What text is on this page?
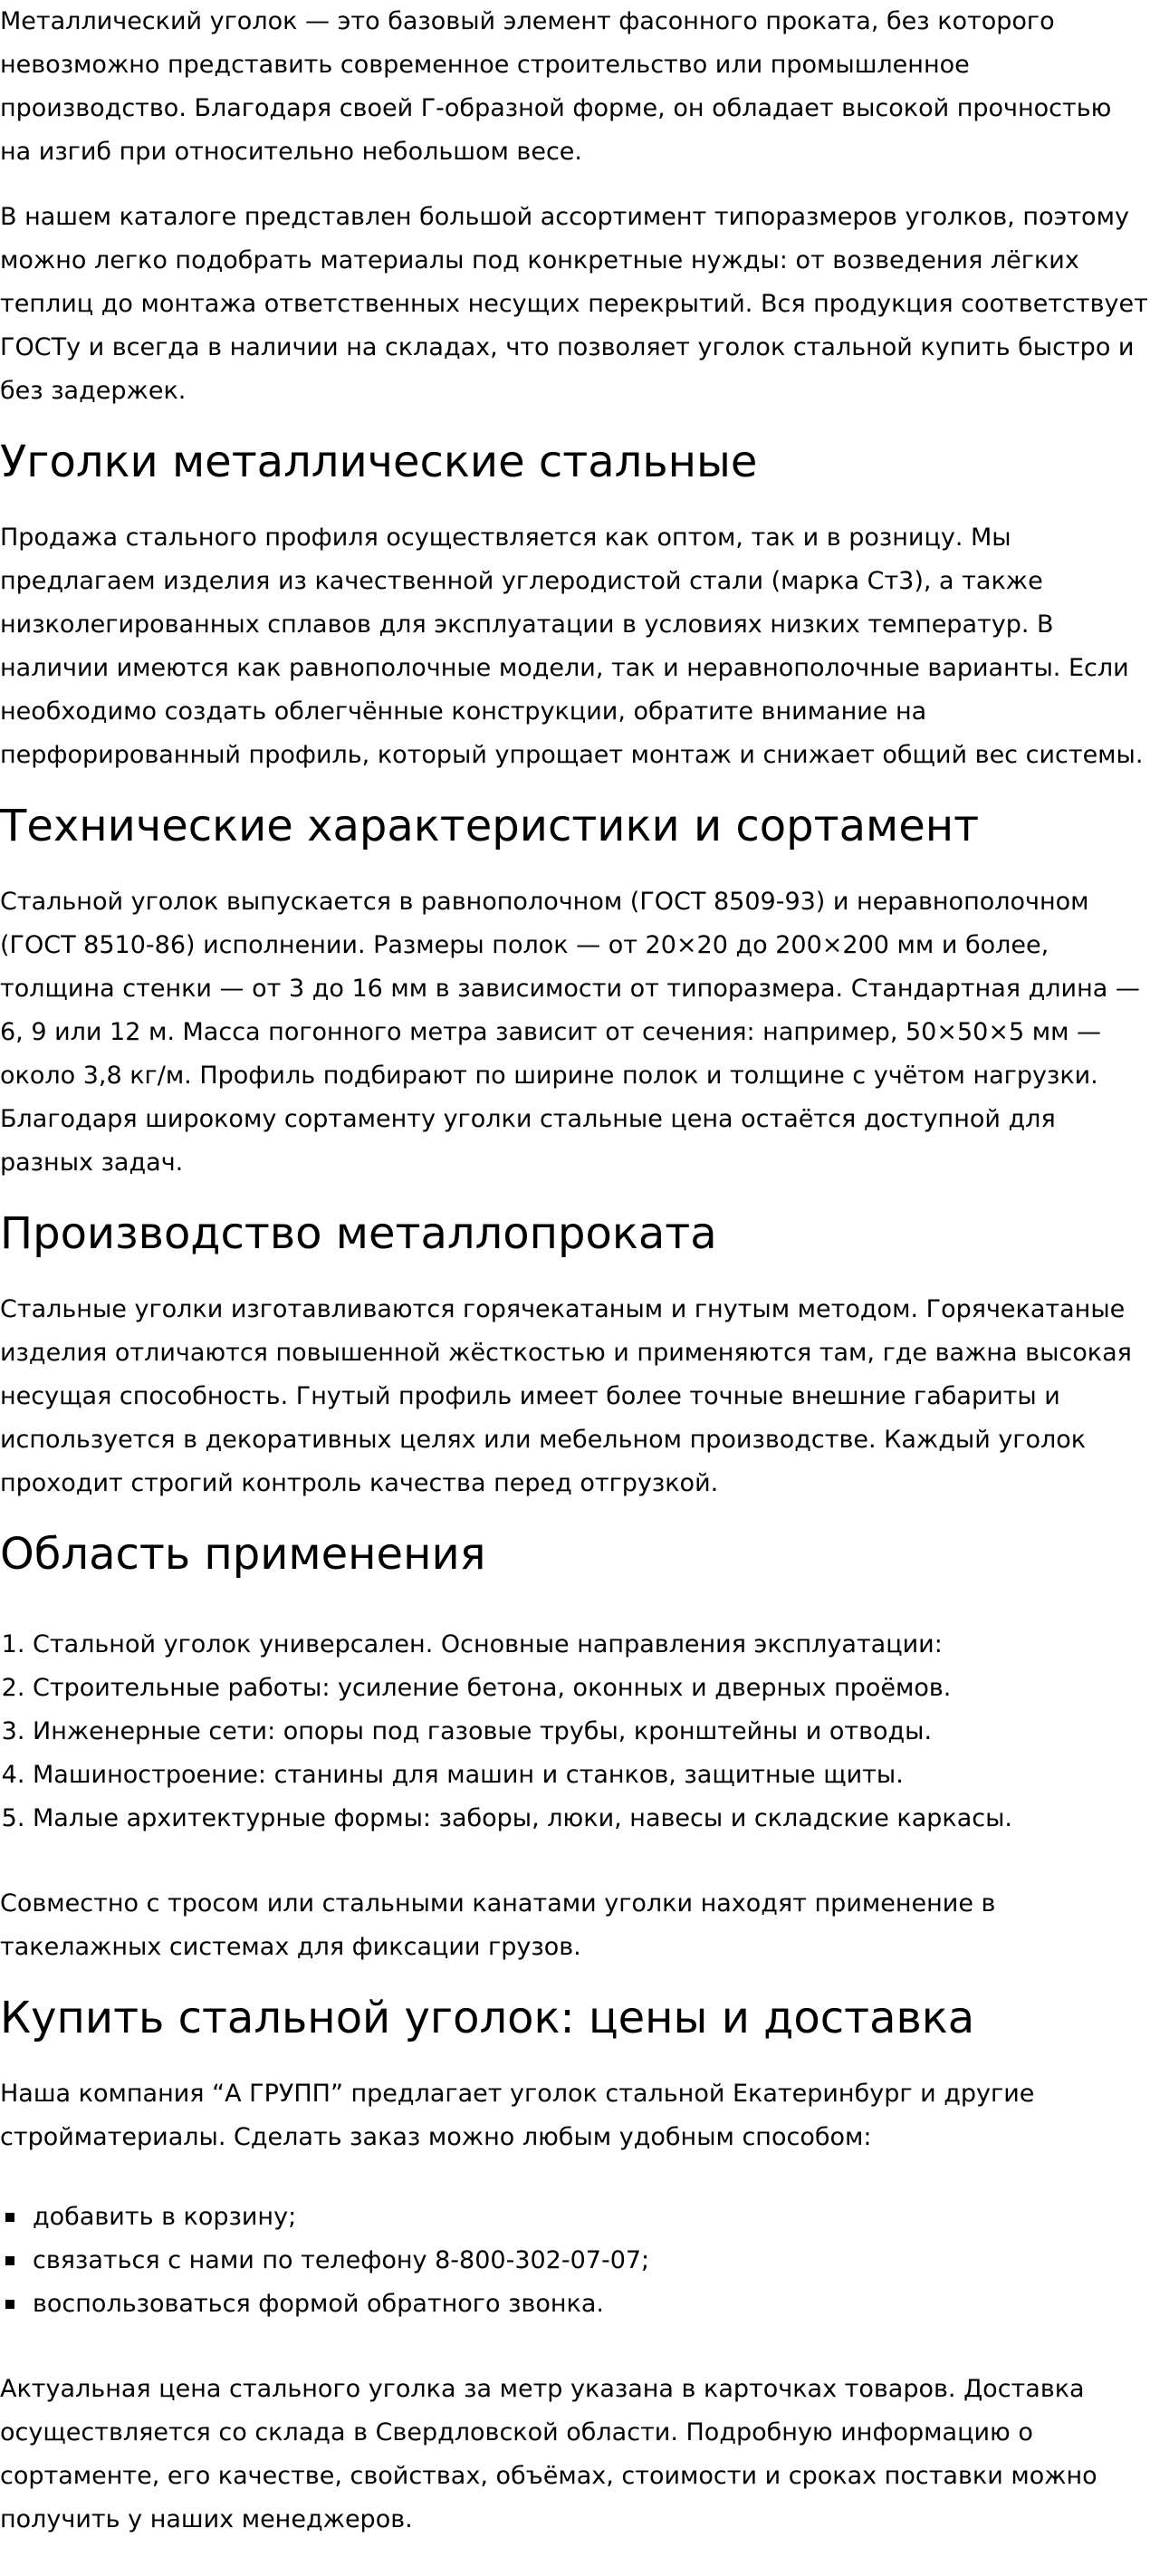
Металлический уголок — это базовый элемент фасонного проката, без которого невозможно представить современное строительство или промышленное производство. Благодаря своей Г-образной форме, он обладает высокой прочностью на изгиб при относительно небольшом весе.

В нашем каталоге представлен большой ассортимент типоразмеров уголков, поэтому можно легко подобрать материалы под конкретные нужды: от возведения лёгких теплиц до монтажа ответственных несущих перекрытий. Вся продукция соответствует ГОСТу и всегда в наличии на складах, что позволяет уголок стальной купить быстро и без задержек.

Уголки металлические стальные

Продажа стального профиля осуществляется как оптом, так и в розницу. Мы предлагаем изделия из качественной углеродистой стали (марка Ст3), а также низколегированных сплавов для эксплуатации в условиях низких температур. В наличии имеются как равнополочные модели, так и неравнополочные варианты. Если необходимо создать облегчённые конструкции, обратите внимание на перфорированный профиль, который упрощает монтаж и снижает общий вес системы.

Технические характеристики и сортамент

Стальной уголок выпускается в равнополочном (ГОСТ 8509-93) и неравнополочном (ГОСТ 8510-86) исполнении. Размеры полок — от 20×20 до 200×200 мм и более, толщина стенки — от 3 до 16 мм в зависимости от типоразмера. Стандартная длина — 6, 9 или 12 м. Масса погонного метра зависит от сечения: например, 50×50×5 мм — около 3,8 кг/м. Профиль подбирают по ширине полок и толщине с учётом нагрузки. Благодаря широкому сортаменту уголки стальные цена остаётся доступной для разных задач.

Производство металлопроката

Стальные уголки изготавливаются горячекатаным и гнутым методом. Горячекатаные изделия отличаются повышенной жёсткостью и применяются там, где важна высокая несущая способность. Гнутый профиль имеет более точные внешние габариты и используется в декоративных целях или мебельном производстве. Каждый уголок проходит строгий контроль качества перед отгрузкой.

Область применения
1. Стальной уголок универсален. Основные направления эксплуатации:
2. Строительные работы: усиление бетона, оконных и дверных проёмов.
3. Инженерные сети: опоры под газовые трубы, кронштейны и отводы.
4. Машиностроение: станины для машин и станков, защитные щиты.
5. Малые архитектурные формы: заборы, люки, навесы и складские каркасы.

Совместно с тросом или стальными канатами уголки находят применение в такелажных системах для фиксации грузов.

Купить стальной уголок: цены и доставка

Наша компания “А ГРУПП” предлагает уголок стальной Екатеринбург и другие стройматериалы. Сделать заказ можно любым удобным способом:

добавить в корзину;
связаться с нами по телефону 8-800-302-07-07;
воспользоваться формой обратного звонка.

Актуальная цена стального уголка за метр указана в карточках товаров. Доставка осуществляется со склада в Свердловской области. Подробную информацию о сортаменте, его качестве, свойствах, объёмах, стоимости и сроках поставки можно получить у наших менеджеров.
